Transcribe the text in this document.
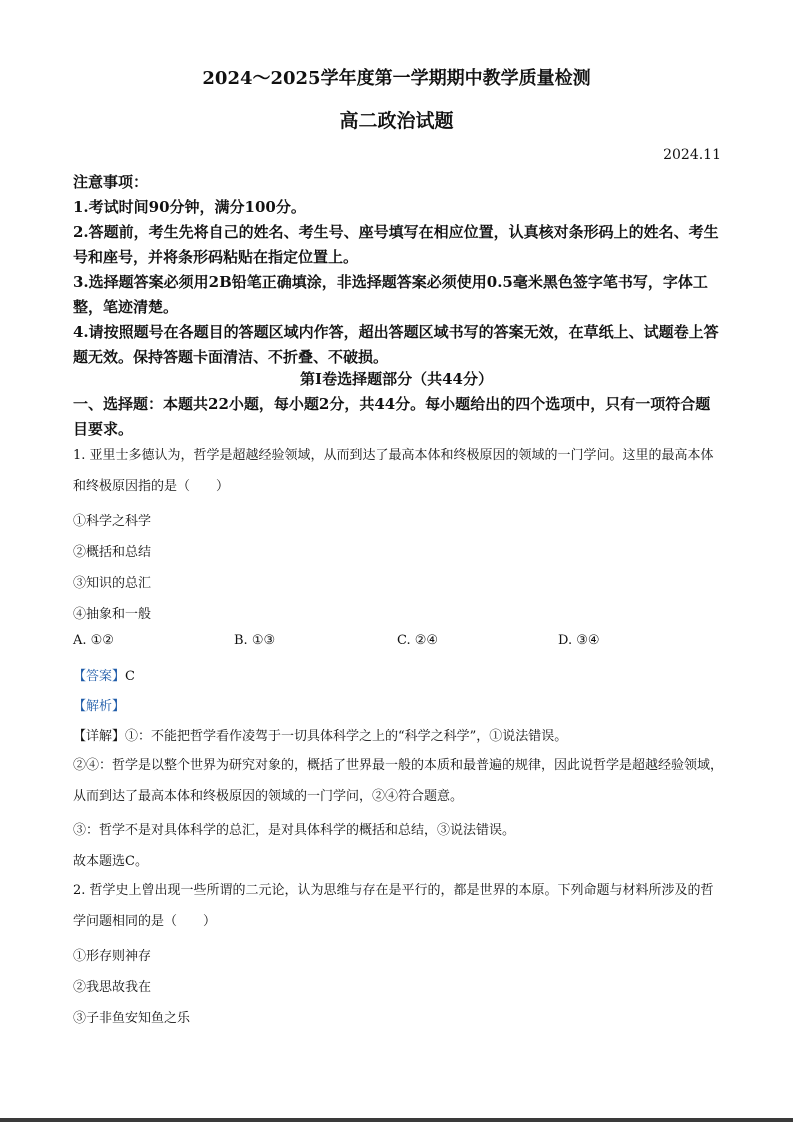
2024～2025学年度第一学期期中教学质量检测
高二政治试题
2024.11
注意事项：
1.考试时间90分钟，满分100分。
2.答题前，考生先将自己的姓名、考生号、座号填写在相应位置，认真核对条形码上的姓名、考生号和座号，并将条形码粘贴在指定位置上。
3.选择题答案必须用2B铅笔正确填涂，非选择题答案必须使用0.5毫米黑色签字笔书写，字体工整，笔迹清楚。
4.请按照题号在各题目的答题区域内作答，超出答题区域书写的答案无效，在草纸上、试题卷上答题无效。保持答题卡面清洁、不折叠、不破损。
第Ⅰ卷选择题部分（共44分）
一、选择题：本题共22小题，每小题2分，共44分。每小题给出的四个选项中，只有一项符合题目要求。
1. 亚里士多德认为，哲学是超越经验领域，从而到达了最高本体和终极原因的领域的一门学问。这里的最高本体和终极原因指的是（　　）
①科学之科学
②概括和总结
③知识的总汇
④抽象和一般
A. ①②	B. ①③	C. ②④	D. ③④
【答案】C
【解析】
【详解】①：不能把哲学看作凌驾于一切具体科学之上的“科学之科学”，①说法错误。
②④：哲学是以整个世界为研究对象的，概括了世界最一般的本质和最普遍的规律，因此说哲学是超越经验领域，从而到达了最高本体和终极原因的领域的一门学问，②④符合题意。
③：哲学不是对具体科学的总汇，是对具体科学的概括和总结，③说法错误。
故本题选C。
2. 哲学史上曾出现一些所谓的二元论，认为思维与存在是平行的，都是世界的本原。下列命题与材料所涉及的哲学问题相同的是（　　）
①形存则神存
②我思故我在
③子非鱼安知鱼之乐
